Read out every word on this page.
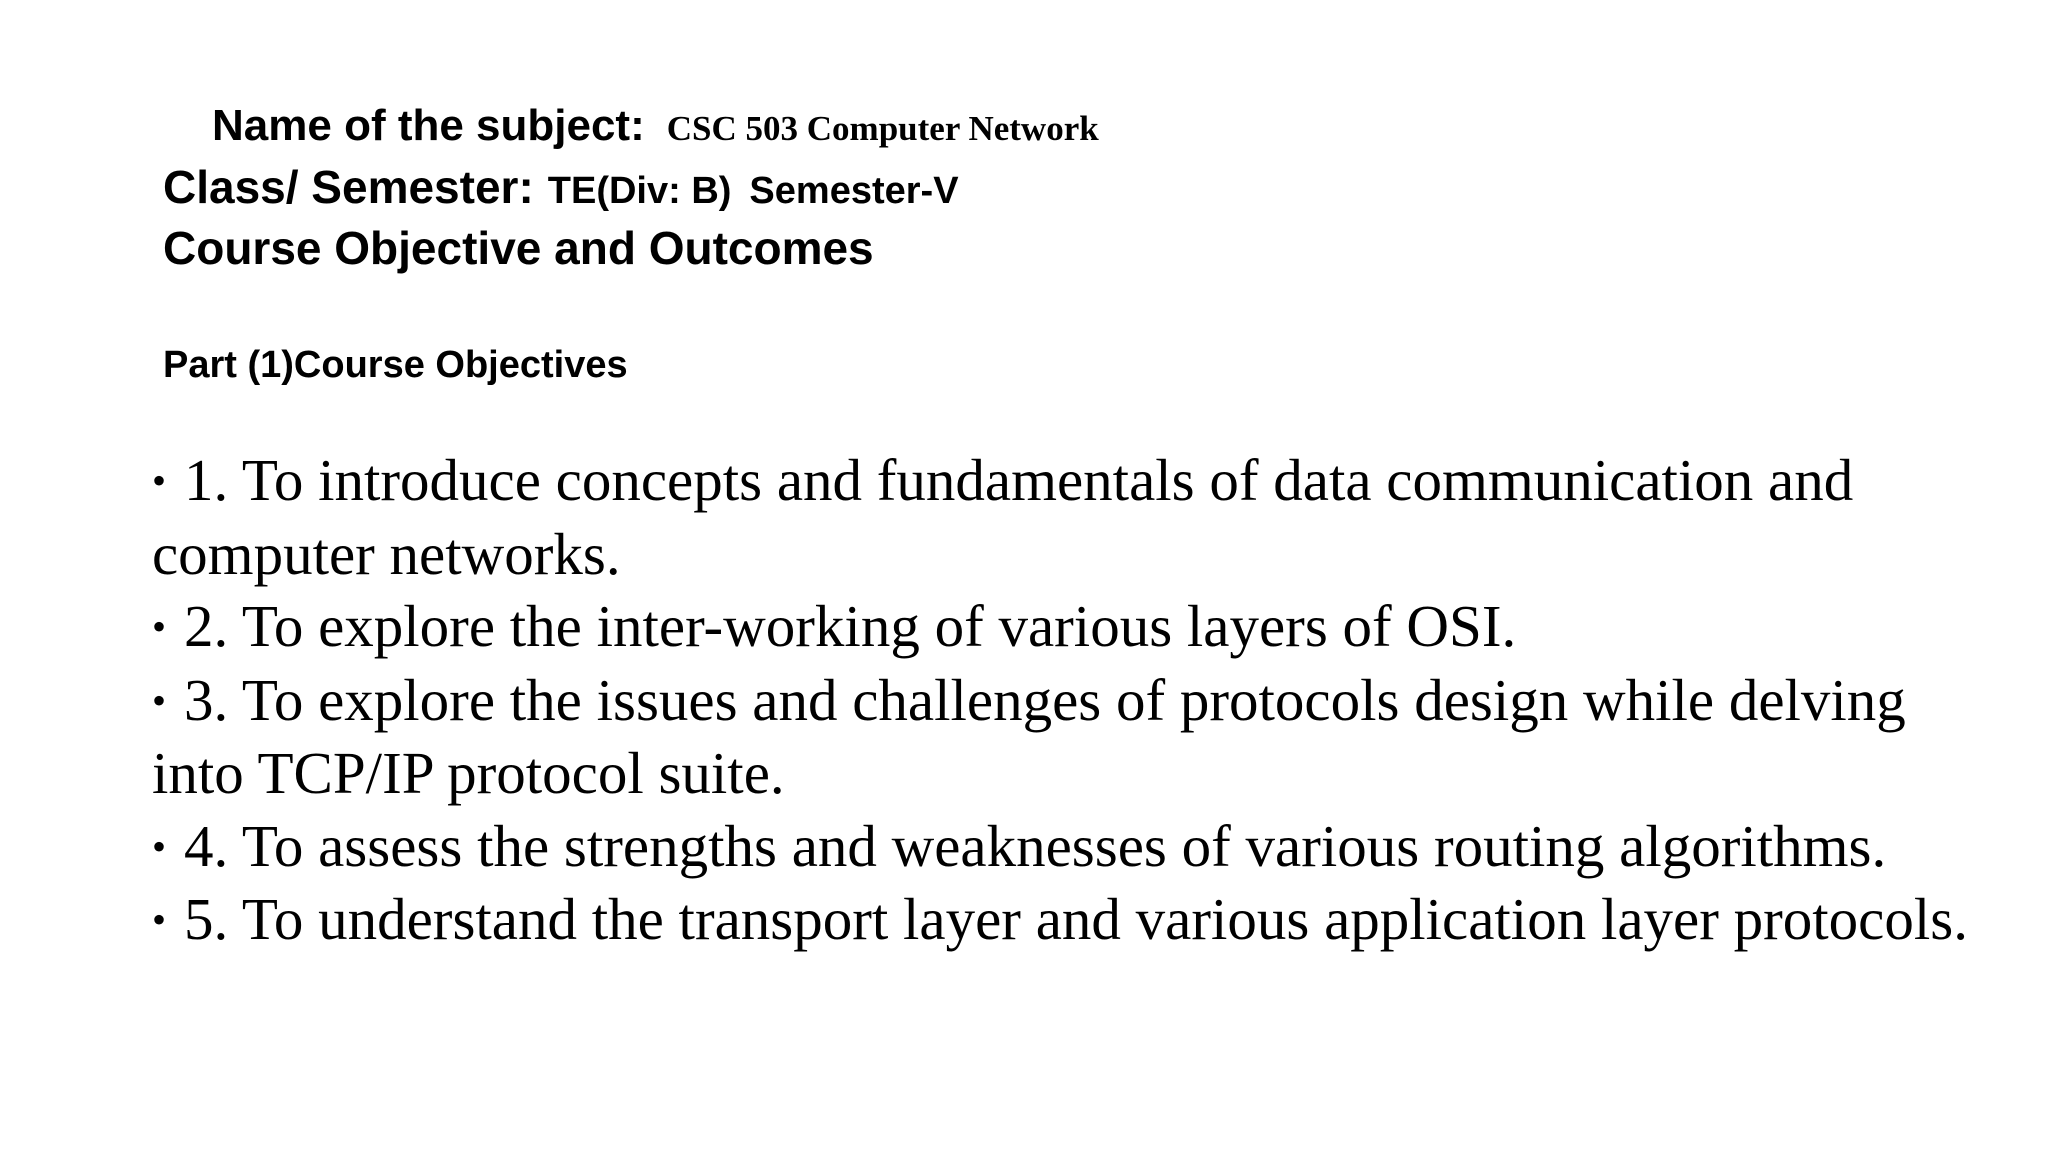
Name of the subject: CSC 503 Computer Network
Class/ Semester: TE(Div: B) Semester-V
Course Objective and Outcomes
Part (1)Course Objectives
• 1. To introduce concepts and fundamentals of data communication and computer networks.
• 2. To explore the inter-working of various layers of OSI.
• 3. To explore the issues and challenges of protocols design while delving into TCP/IP protocol suite.
• 4. To assess the strengths and weaknesses of various routing algorithms.
• 5. To understand the transport layer and various application layer protocols.
